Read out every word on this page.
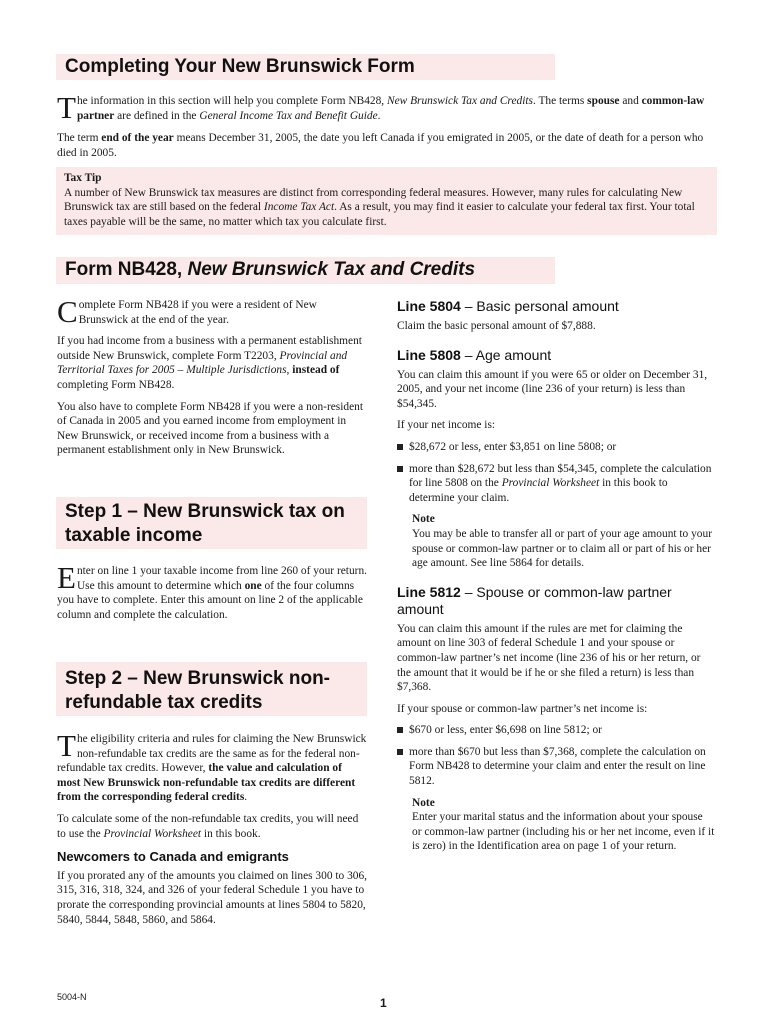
Completing Your New Brunswick Form
The information in this section will help you complete Form NB428, New Brunswick Tax and Credits. The terms spouse and common-law partner are defined in the General Income Tax and Benefit Guide.
The term end of the year means December 31, 2005, the date you left Canada if you emigrated in 2005, or the date of death for a person who died in 2005.
Tax Tip
A number of New Brunswick tax measures are distinct from corresponding federal measures. However, many rules for calculating New Brunswick tax are still based on the federal Income Tax Act. As a result, you may find it easier to calculate your federal tax first. Your total taxes payable will be the same, no matter which tax you calculate first.
Form NB428, New Brunswick Tax and Credits

Complete Form NB428 if you were a resident of New Brunswick at the end of the year.

If you had income from a business with a permanent establishment outside New Brunswick, complete Form T2203, Provincial and Territorial Taxes for 2005 – Multiple Jurisdictions, instead of completing Form NB428.

You also have to complete Form NB428 if you were a non-resident of Canada in 2005 and you earned income from employment in New Brunswick, or received income from a business with a permanent establishment only in New Brunswick.

Step 1 – New Brunswick tax on taxable income
Enter on line 1 your taxable income from line 260 of your return. Use this amount to determine which one of the four columns you have to complete. Enter this amount on line 2 of the applicable column and complete the calculation.
Step 2 – New Brunswick non-refundable tax credits

The eligibility criteria and rules for claiming the New Brunswick non-refundable tax credits are the same as for the federal non-refundable tax credits. However, the value and calculation of most New Brunswick non-refundable tax credits are different from the corresponding federal credits.

To calculate some of the non-refundable tax credits, you will need to use the Provincial Worksheet in this book.

Newcomers to Canada and emigrants

If you prorated any of the amounts you claimed on lines 300 to 306, 315, 316, 318, 324, and 326 of your federal Schedule 1 you have to prorate the corresponding provincial amounts at lines 5804 to 5820, 5840, 5844, 5848, 5860, and 5864.

Line 5804 – Basic personal amount

Claim the basic personal amount of $7,888.

Line 5808 – Age amount

You can claim this amount if you were 65 or older on December 31, 2005, and your net income (line 236 of your return) is less than $54,345.

If your net income is:

$28,672 or less, enter $3,851 on line 5808; or
more than $28,672 but less than $54,345, complete the calculation for line 5808 on the Provincial Worksheet in this book to determine your claim.
Note
You may be able to transfer all or part of your age amount to your spouse or common-law partner or to claim all or part of his or her age amount. See line 5864 for details.
Line 5812 – Spouse or common-law partner amount

You can claim this amount if the rules are met for claiming the amount on line 303 of federal Schedule 1 and your spouse or common-law partner’s net income (line 236 of his or her return, or the amount that it would be if he or she filed a return) is less than $7,368.

If your spouse or common-law partner’s net income is:

$670 or less, enter $6,698 on line 5812; or
more than $670 but less than $7,368, complete the calculation on Form NB428 to determine your claim and enter the result on line 5812.
Note
Enter your marital status and the information about your spouse or common-law partner (including his or her net income, even if it is zero) in the Identification area on page 1 of your return.
5004-N	1
